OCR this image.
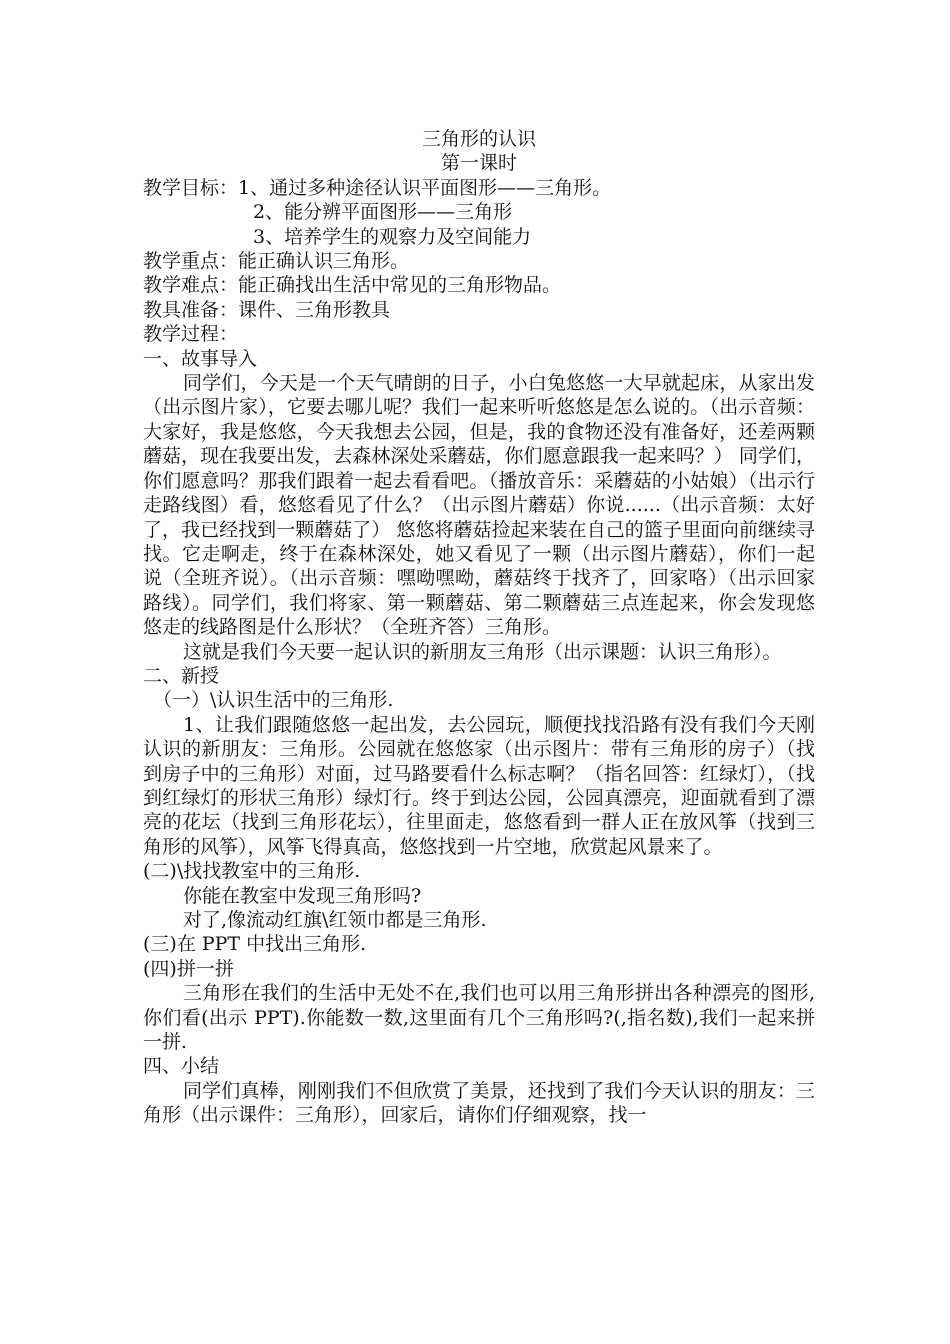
三角形的认识

第一课时

教学目标：1、通过多种途径认识平面图形——三角形。

2、能分辨平面图形——三角形

3、培养学生的观察力及空间能力

教学重点：能正确认识三角形。

教学难点：能正确找出生活中常见的三角形物品。

教具准备：课件、三角形教具

教学过程：

一、故事导入

同学们，今天是一个天气晴朗的日子，小白兔悠悠一大早就起床，从家出发（出示图片家），它要去哪儿呢？我们一起来听听悠悠是怎么说的。（出示音频：大家好，我是悠悠，今天我想去公园，但是，我的食物还没有准备好，还差两颗蘑菇，现在我要出发，去森林深处采蘑菇，你们愿意跟我一起来吗？） 同学们，你们愿意吗？那我们跟着一起去看看吧。（播放音乐：采蘑菇的小姑娘）（出示行走路线图）看，悠悠看见了什么？（出示图片蘑菇）你说......（出示音频：太好了，我已经找到一颗蘑菇了） 悠悠将蘑菇捡起来装在自己的篮子里面向前继续寻找。它走啊走，终于在森林深处，她又看见了一颗（出示图片蘑菇），你们一起说（全班齐说）。（出示音频：嘿呦嘿呦，蘑菇终于找齐了，回家咯）（出示回家路线）。同学们，我们将家、第一颗蘑菇、第二颗蘑菇三点连起来，你会发现悠悠走的线路图是什么形状？（全班齐答）三角形。

这就是我们今天要一起认识的新朋友三角形（出示课题：认识三角形）。

二、新授

（一）\认识生活中的三角形.

1、让我们跟随悠悠一起出发，去公园玩，顺便找找沿路有没有我们今天刚认识的新朋友：三角形。公园就在悠悠家（出示图片：带有三角形的房子）（找到房子中的三角形）对面，过马路要看什么标志啊？（指名回答：红绿灯），（找到红绿灯的形状三角形）绿灯行。终于到达公园，公园真漂亮，迎面就看到了漂亮的花坛（找到三角形花坛），往里面走，悠悠看到一群人正在放风筝（找到三角形的风筝），风筝飞得真高，悠悠找到一片空地，欣赏起风景来了。

(二)\找找教室中的三角形.

你能在教室中发现三角形吗?

对了,像流动红旗\红领巾都是三角形.

(三)在 PPT 中找出三角形.

(四)拼一拼

三角形在我们的生活中无处不在,我们也可以用三角形拼出各种漂亮的图形,你们看(出示 PPT).你能数一数,这里面有几个三角形吗?(,指名数),我们一起来拼一拼.

四、小结

同学们真棒，刚刚我们不但欣赏了美景，还找到了我们今天认识的朋友：三角形（出示课件：三角形），回家后，请你们仔细观察，找一
